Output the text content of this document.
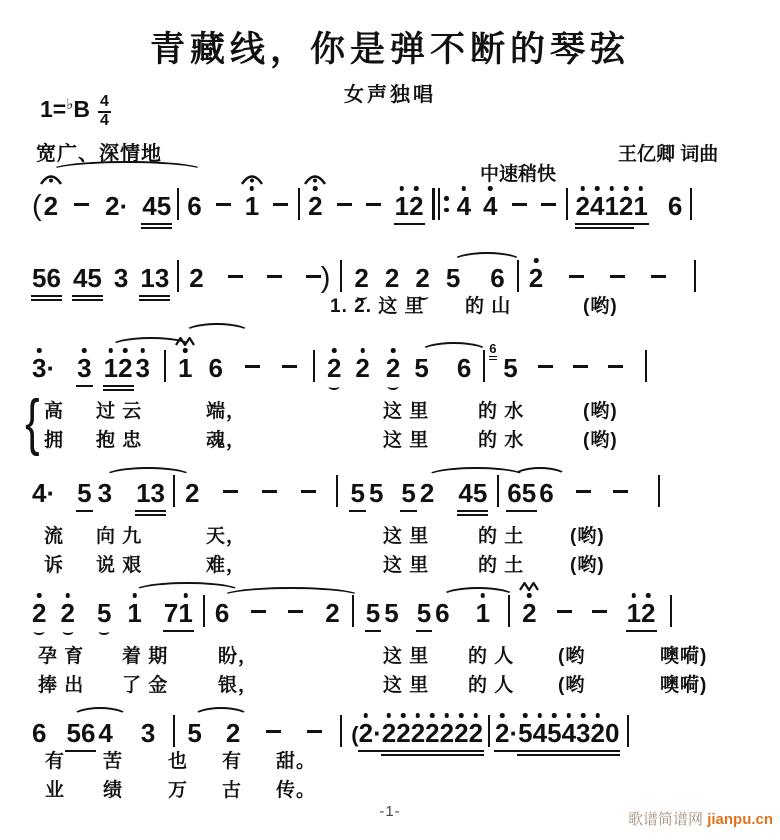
青藏线，你是弹不断的琴弦
女声独唱
$1=^♭B \frac{4}{4}$
宽广、深情地	王亿卿 词曲
中速稍快
(2 2· 4
5 6 1 2	1
2 4 4	2
4
1
2
1 6
5
6 4
5 3 1
3 2	) 2 2 2 5 6 2
3
· 3 1
2 3 1 6	2 2 2 5 6 5
6
4· 5 3 1
3 2	5 5 5 2 4
5 6
5 6
2 2 5 1 7
1 6	2 5 5 5 6 1 2	1
2
6 5
6 4 3 5 2	(2
·
2
2
2
2
2
2
2 2
·
5
4
5
4
3
2
0
1. 2. 这 里 的 山	(哟)
{ 高 过 云	端，	这 里	的 水	(哟)
拥 抱 忠	魂，	这 里	的 水	(哟)
流 向 九	天，	这 里	的 土 (哟)
诉 说 艰	难，	这 里	的 土 (哟)
孕 育 着 期	盼，	这 里 的 人 (哟	噢嗬)
捧 出 了 金	银，	这 里 的 人 (哟	噢嗬)
有 苦 也 有 甜。
业 绩 万 古 传。
-1-	歌谱简谱网 jianpu.cn
